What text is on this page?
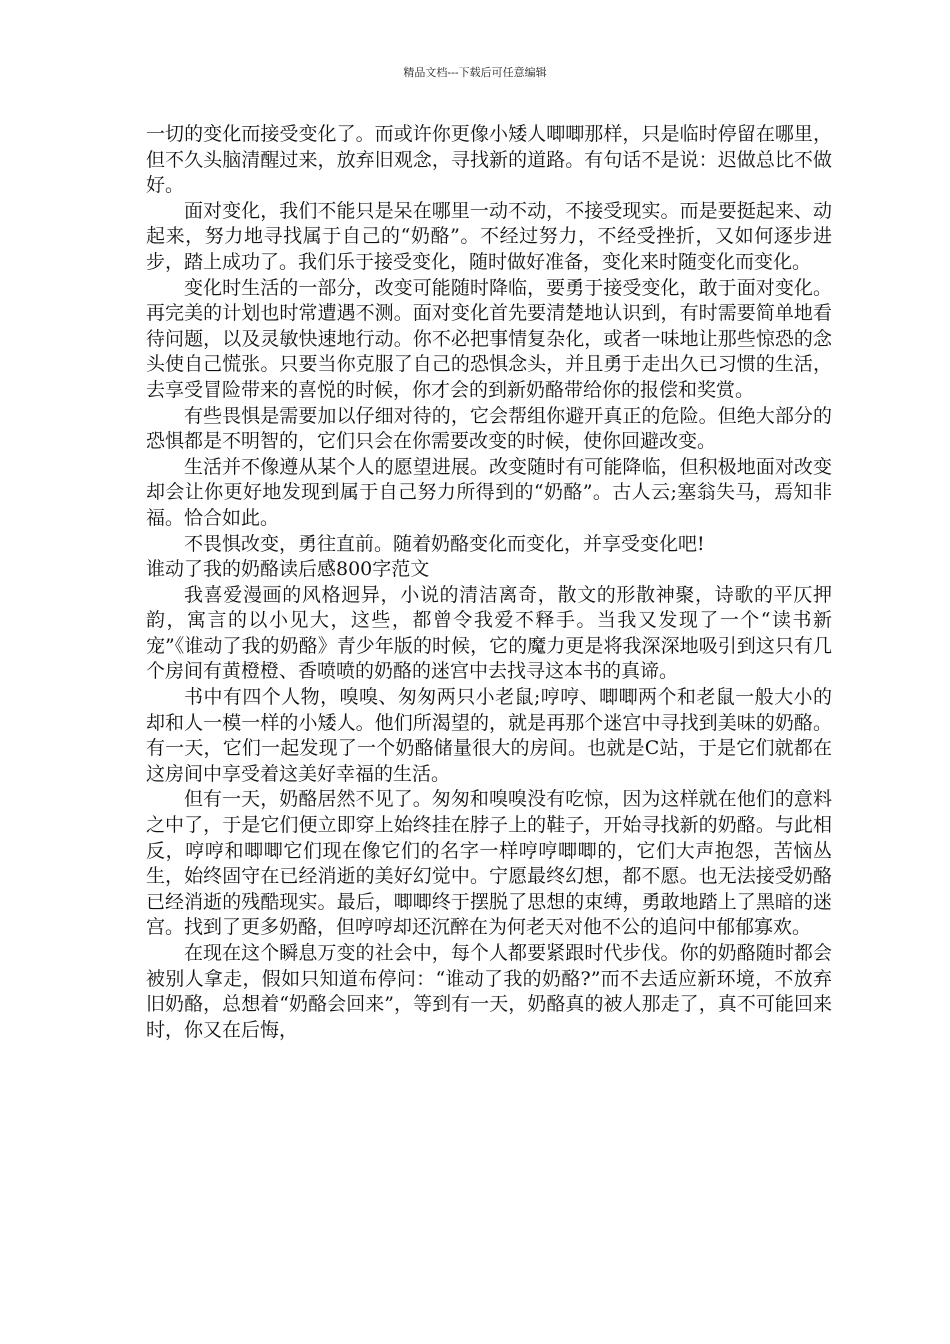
精品文档---下载后可任意编辑

一切的变化而接受变化了。而或许你更像小矮人唧唧那样，只是临时停留在哪里，但不久头脑清醒过来，放弃旧观念，寻找新的道路。有句话不是说：迟做总比不做好。

面对变化，我们不能只是呆在哪里一动不动，不接受现实。而是要挺起来、动起来，努力地寻找属于自己的“奶酪”。不经过努力，不经受挫折，又如何逐步进步，踏上成功了。我们乐于接受变化，随时做好准备，变化来时随变化而变化。

变化时生活的一部分，改变可能随时降临，要勇于接受变化，敢于面对变化。再完美的计划也时常遭遇不测。面对变化首先要清楚地认识到，有时需要简单地看待问题，以及灵敏快速地行动。你不必把事情复杂化，或者一味地让那些惊恐的念头使自己慌张。只要当你克服了自己的恐惧念头，并且勇于走出久已习惯的生活，去享受冒险带来的喜悦的时候，你才会的到新奶酪带给你的报偿和奖赏。

有些畏惧是需要加以仔细对待的，它会帮组你避开真正的危险。但绝大部分的恐惧都是不明智的，它们只会在你需要改变的时候，使你回避改变。

生活并不像遵从某个人的愿望进展。改变随时有可能降临，但积极地面对改变却会让你更好地发现到属于自己努力所得到的“奶酪”。古人云;塞翁失马，焉知非福。恰合如此。

不畏惧改变，勇往直前。随着奶酪变化而变化，并享受变化吧!

谁动了我的奶酪读后感800字范文

我喜爱漫画的风格迥异，小说的清洁离奇，散文的形散神聚，诗歌的平仄押韵，寓言的以小见大，这些，都曾令我爱不释手。当我又发现了一个“读书新宠”《谁动了我的奶酪》青少年版的时候，它的魔力更是将我深深地吸引到这只有几个房间有黄橙橙、香喷喷的奶酪的迷宫中去找寻这本书的真谛。

书中有四个人物，嗅嗅、匆匆两只小老鼠;哼哼、唧唧两个和老鼠一般大小的却和人一模一样的小矮人。他们所渴望的，就是再那个迷宫中寻找到美味的奶酪。有一天，它们一起发现了一个奶酪储量很大的房间。也就是C站，于是它们就都在这房间中享受着这美好幸福的生活。

但有一天，奶酪居然不见了。匆匆和嗅嗅没有吃惊，因为这样就在他们的意料之中了，于是它们便立即穿上始终挂在脖子上的鞋子，开始寻找新的奶酪。与此相反，哼哼和唧唧它们现在像它们的名字一样哼哼唧唧的，它们大声抱怨，苦恼丛生，始终固守在已经消逝的美好幻觉中。宁愿最终幻想，都不愿。也无法接受奶酪已经消逝的残酷现实。最后，唧唧终于摆脱了思想的束缚，勇敢地踏上了黑暗的迷宫。找到了更多奶酪，但哼哼却还沉醉在为何老天对他不公的追问中郁郁寡欢。

在现在这个瞬息万变的社会中，每个人都要紧跟时代步伐。你的奶酪随时都会被别人拿走，假如只知道布停问：“谁动了我的奶酪?”而不去适应新环境，不放弃旧奶酪，总想着“奶酪会回来”，等到有一天，奶酪真的被人那走了，真不可能回来时，你又在后悔，
